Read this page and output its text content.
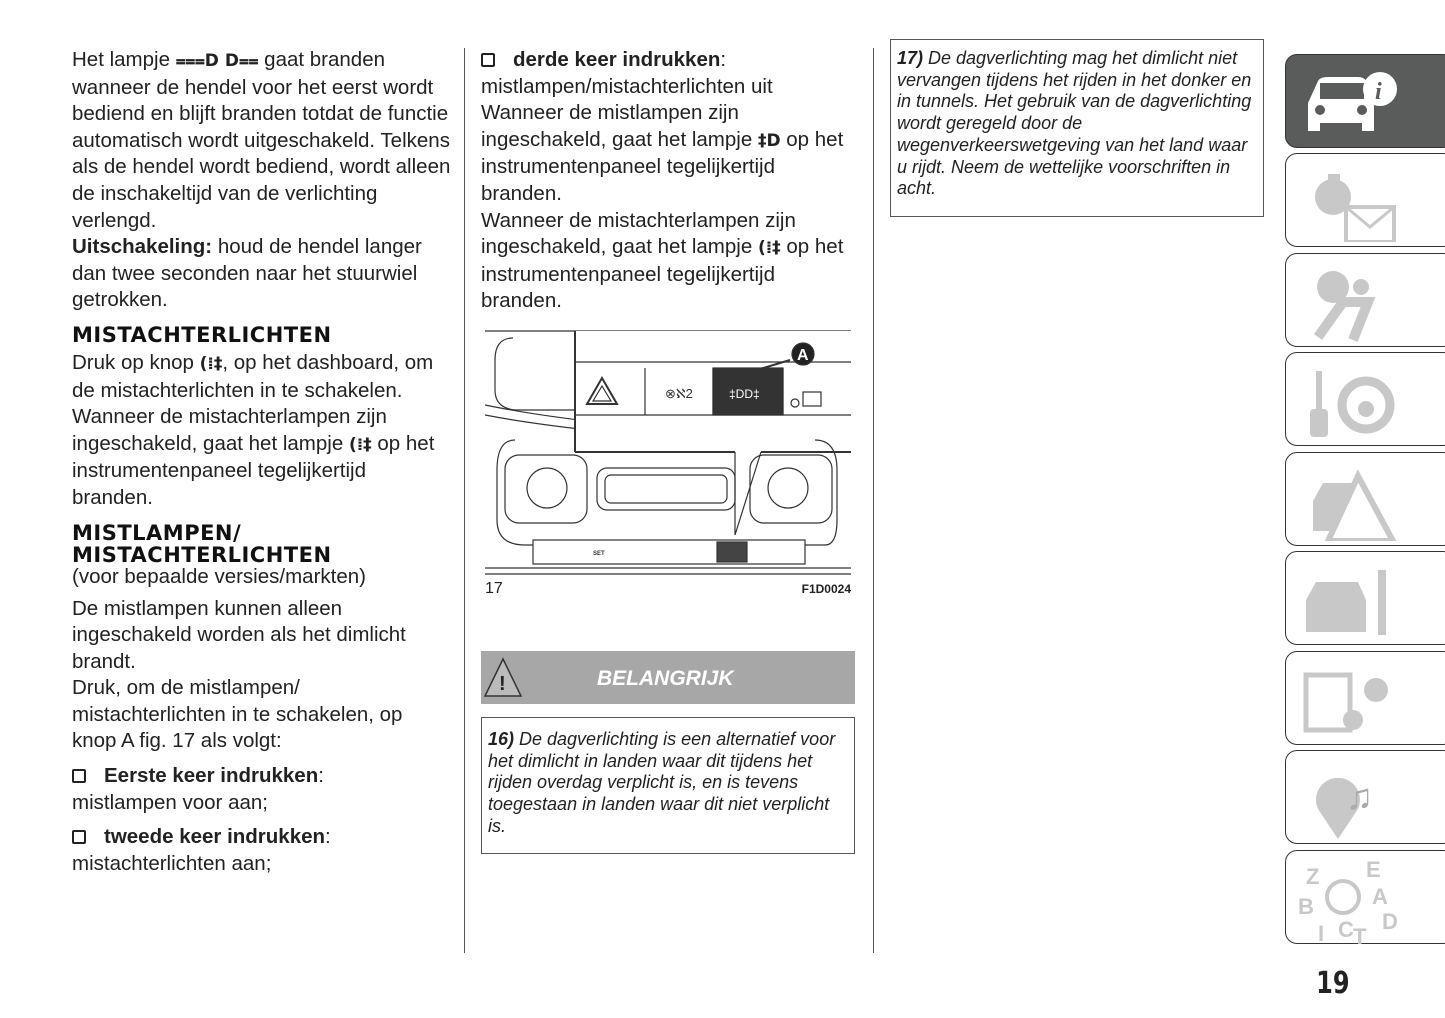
Het lampje ⩶D D⩵ gaat branden wanneer de hendel voor het eerst wordt bediend en blijft branden totdat de functie automatisch wordt uitgeschakeld. Telkens als de hendel wordt bediend, wordt alleen de inschakeltijd van de verlichting verlengd.

Uitschakeling: houd de hendel langer dan twee seconden naar het stuurwiel getrokken.

MISTACHTERLICHTEN

Druk op knop (⁞‡, op het dashboard, om de mistachterlichten in te schakelen.

Wanneer de mistachterlampen zijn ingeschakeld, gaat het lampje (⁞‡ op het instrumentenpaneel tegelijkertijd branden.

MISTLAMPEN/
MISTACHTERLICHTEN

(voor bepaalde versies/markten)

De mistlampen kunnen alleen ingeschakeld worden als het dimlicht brandt.

Druk, om de mistlampen/ mistachterlichten in te schakelen, op knop A fig. 17 als volgt:

Eerste keer indrukken:
mistlampen voor aan;

tweede keer indrukken:
mistachterlichten aan;

derde keer indrukken:
mistlampen/mistachterlichten uit

Wanneer de mistlampen zijn ingeschakeld, gaat het lampje ‡D op het instrumentenpaneel tegelijkertijd branden.

Wanneer de mistachterlampen zijn ingeschakeld, gaat het lampje (⁞‡ op het instrumentenpaneel tegelijkertijd branden.

‡DD‡
⊗ℵ2
A
SET
17	F1D0024
!	BELANGRIJK
16) De dagverlichting is een alternatief voor het dimlicht in landen waar dit tijdens het rijden overdag verplicht is, en is tevens toegestaan in landen waar dit niet verplicht is.
17) De dagverlichting mag het dimlicht niet vervangen tijdens het rijden in het donker en in tunnels. Het gebruik van de dagverlichting wordt geregeld door de wegenverkeerswetgeving van het land waar u rijdt. Neem de wettelijke voorschriften in acht.
i
♫
Z E
A
B
C T
D
I
19
